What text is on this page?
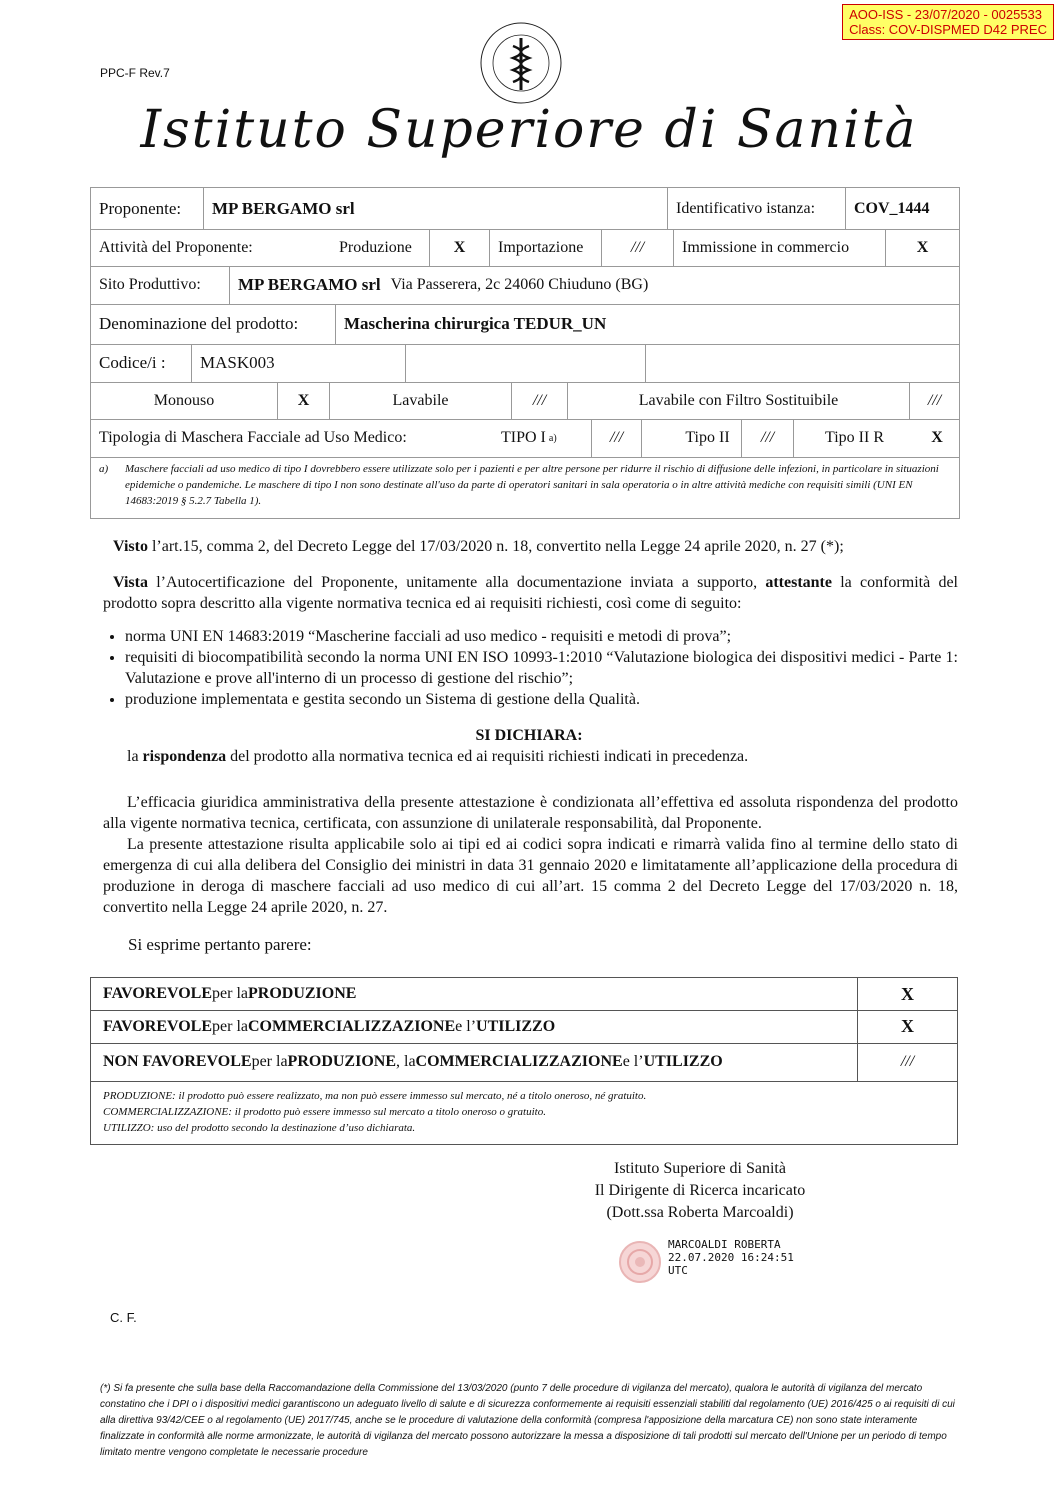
AOO-ISS - 23/07/2020 - 0025533
Class: COV-DISPMED D42 PREC
PPC-F Rev.7
Istituto Superiore di Sanità
Proponente:	MP BERGAMO srl	Identificativo istanza:	COV_1444
Attività del Proponente:	Produzione	X	Importazione	///	Immissione in commercio	X
Sito Produttivo:	MP BERGAMO srl Via Passerera, 2c 24060 Chiuduno (BG)
Denominazione del prodotto:	Mascherina chirurgica TEDUR_UN
Codice/i :	MASK003
Monouso	X	Lavabile	///	Lavabile con Filtro Sostituibile	///
Tipologia di Maschera Facciale ad Uso Medico:	TIPO I a)	///	Tipo II	///	Tipo II R	X
a) Maschere facciali ad uso medico di tipo I dovrebbero essere utilizzate solo per i pazienti e per altre persone per ridurre il rischio di diffusione delle infezioni, in particolare in situazioni epidemiche o pandemiche. Le maschere di tipo I non sono destinate all'uso da parte di operatori sanitari in sala operatoria o in altre attività mediche con requisiti simili (UNI EN 14683:2019 § 5.2.7 Tabella 1).
Visto l’art.15, comma 2, del Decreto Legge del 17/03/2020 n. 18, convertito nella Legge 24 aprile 2020, n. 27 (*);
Vista l’Autocertificazione del Proponente, unitamente alla documentazione inviata a supporto, attestante la conformità del prodotto sopra descritto alla vigente normativa tecnica ed ai requisiti richiesti, così come di seguito:
• norma UNI EN 14683:2019 “Mascherine facciali ad uso medico - requisiti e metodi di prova”;
• requisiti di biocompatibilità secondo la norma UNI EN ISO 10993-1:2010 “Valutazione biologica dei dispositivi medici - Parte 1: Valutazione e prove all'interno di un processo di gestione del rischio”;
• produzione implementata e gestita secondo un Sistema di gestione della Qualità.
SI DICHIARA:
la rispondenza del prodotto alla normativa tecnica ed ai requisiti richiesti indicati in precedenza.
L’efficacia giuridica amministrativa della presente attestazione è condizionata all’effettiva ed assoluta rispondenza del prodotto alla vigente normativa tecnica, certificata, con assunzione di unilaterale responsabilità, dal Proponente.
La presente attestazione risulta applicabile solo ai tipi ed ai codici sopra indicati e rimarrà valida fino al termine dello stato di emergenza di cui alla delibera del Consiglio dei ministri in data 31 gennaio 2020 e limitatamente all’applicazione della procedura di produzione in deroga di maschere facciali ad uso medico di cui all’art. 15 comma 2 del Decreto Legge del 17/03/2020 n. 18, convertito nella Legge 24 aprile 2020, n. 27.
Si esprime pertanto parere:
FAVOREVOLE per la PRODUZIONE	X
FAVOREVOLE per la COMMERCIALIZZAZIONE e l’ UTILIZZO	X
NON FAVOREVOLE per la PRODUZIONE , la COMMERCIALIZZAZIONE e l’ UTILIZZO	///
PRODUZIONE: il prodotto può essere realizzato, ma non può essere immesso sul mercato, né a titolo oneroso, né gratuito.
COMMERCIALIZZAZIONE: il prodotto può essere immesso sul mercato a titolo oneroso o gratuito.
UTILIZZO: uso del prodotto secondo la destinazione d’uso dichiarata.
Istituto Superiore di Sanità
Il Dirigente di Ricerca incaricato
(Dott.ssa Roberta Marcoaldi)
MARCOALDI ROBERTA
22.07.2020 16:24:51
UTC
C. F.
(*) Si fa presente che sulla base della Raccomandazione della Commissione del 13/03/2020 (punto 7 delle procedure di vigilanza del mercato), qualora le autorità di vigilanza del mercato constatino che i DPI o i dispositivi medici garantiscono un adeguato livello di salute e di sicurezza conformemente ai requisiti essenziali stabiliti dal regolamento (UE) 2016/425 o ai requisiti di cui alla direttiva 93/42/CEE o al regolamento (UE) 2017/745, anche se le procedure di valutazione della conformità (compresa l'apposizione della marcatura CE) non sono state interamente finalizzate in conformità alle norme armonizzate, le autorità di vigilanza del mercato possono autorizzare la messa a disposizione di tali prodotti sul mercato dell'Unione per un periodo di tempo limitato mentre vengono completate le necessarie procedure
